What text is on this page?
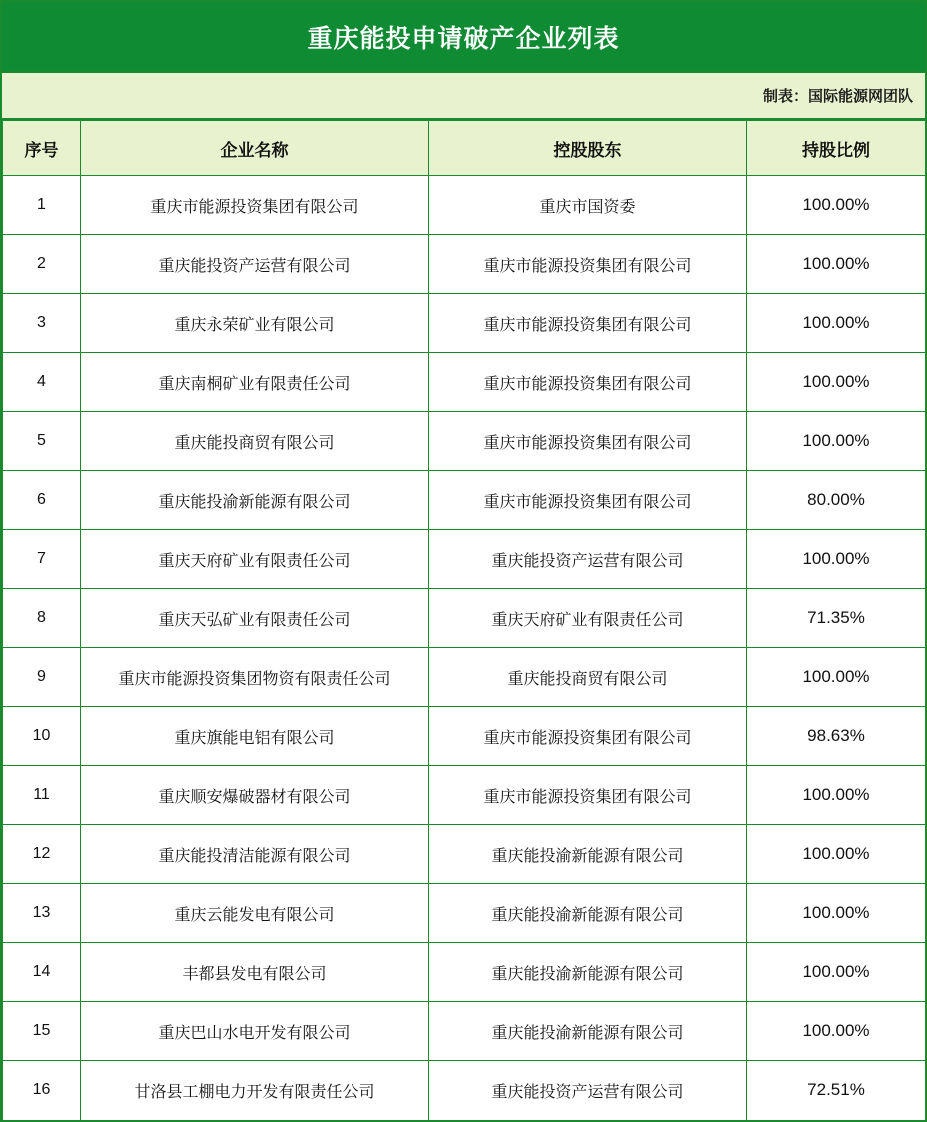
重庆能投申请破产企业列表
制表：国际能源网团队
序号	企业名称	控股股东	持股比例
1	重庆市能源投资集团有限公司	重庆市国资委	100.00%
2	重庆能投资产运营有限公司	重庆市能源投资集团有限公司	100.00%
3	重庆永荣矿业有限公司	重庆市能源投资集团有限公司	100.00%
4	重庆南桐矿业有限责任公司	重庆市能源投资集团有限公司	100.00%
5	重庆能投商贸有限公司	重庆市能源投资集团有限公司	100.00%
6	重庆能投渝新能源有限公司	重庆市能源投资集团有限公司	80.00%
7	重庆天府矿业有限责任公司	重庆能投资产运营有限公司	100.00%
8	重庆天弘矿业有限责任公司	重庆天府矿业有限责任公司	71.35%
9	重庆市能源投资集团物资有限责任公司	重庆能投商贸有限公司	100.00%
10	重庆旗能电铝有限公司	重庆市能源投资集团有限公司	98.63%
11	重庆顺安爆破器材有限公司	重庆市能源投资集团有限公司	100.00%
12	重庆能投清洁能源有限公司	重庆能投渝新能源有限公司	100.00%
13	重庆云能发电有限公司	重庆能投渝新能源有限公司	100.00%
14	丰都县发电有限公司	重庆能投渝新能源有限公司	100.00%
15	重庆巴山水电开发有限公司	重庆能投渝新能源有限公司	100.00%
16	甘洛县工棚电力开发有限责任公司	重庆能投资产运营有限公司	72.51%
